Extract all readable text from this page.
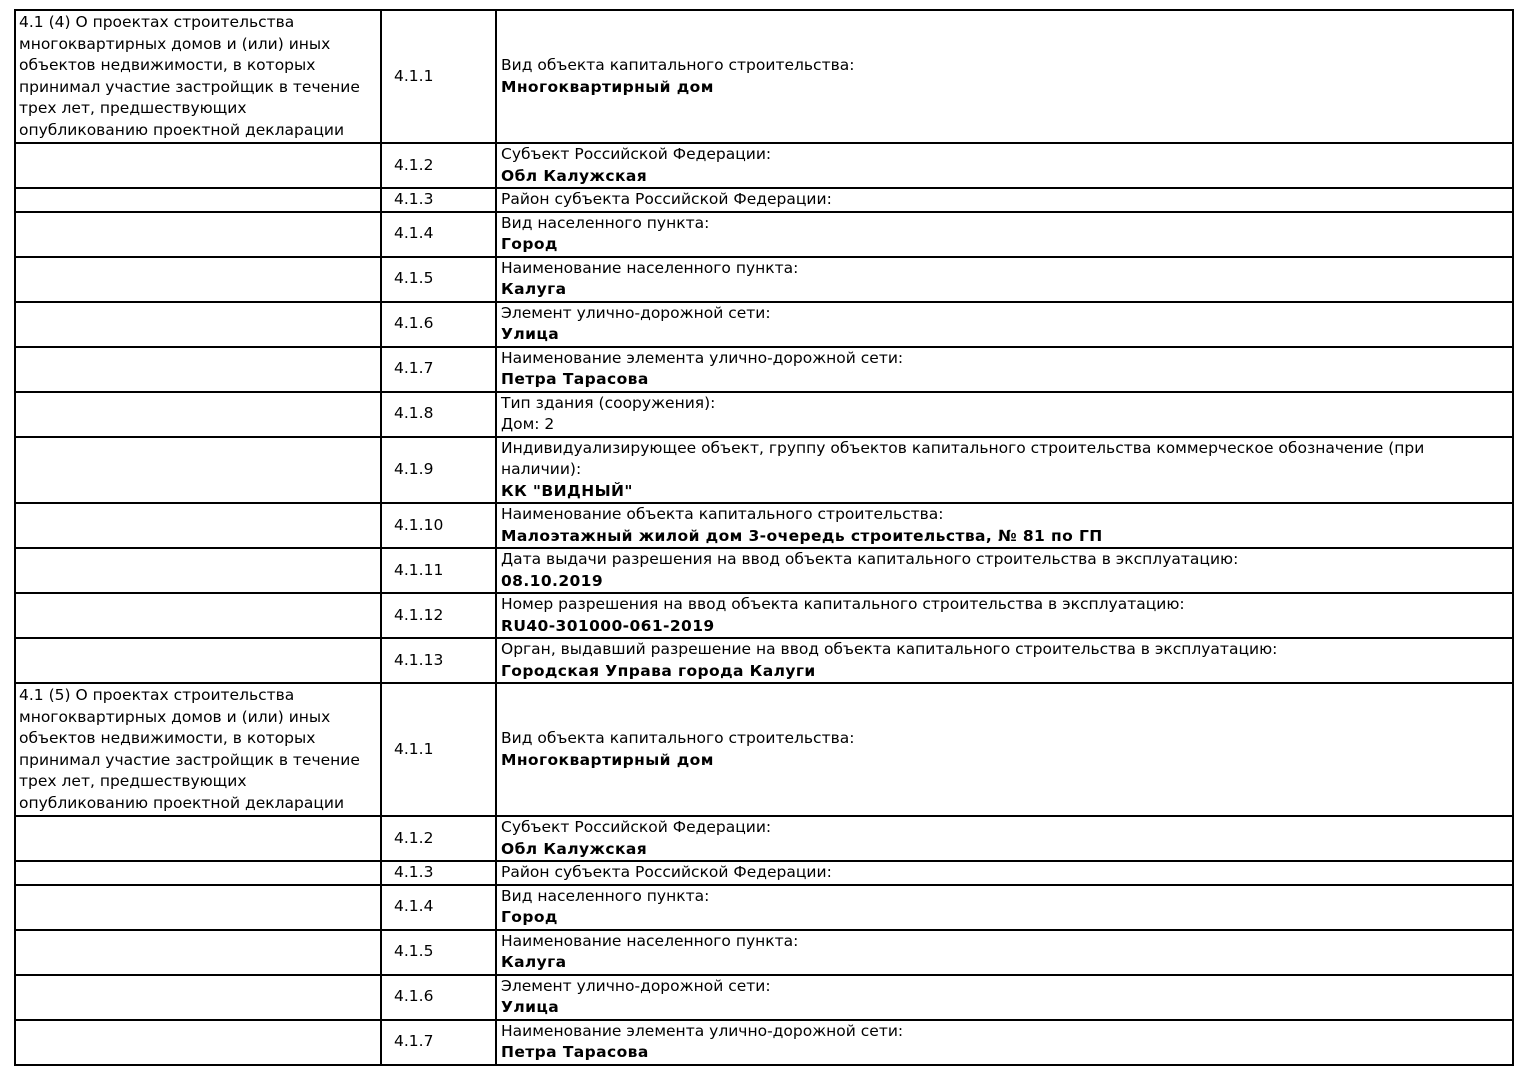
4.1 (4) О проектах строительства многоквартирных домов и (или) иных объектов недвижимости, в которых принимал участие застройщик в течение трех лет, предшествующих опубликованию проектной декларации	4.1.1	Вид объекта капитального строительства:
Многоквартирный дом

	4.1.2	Субъект Российской Федерации:
Обл Калужская

	4.1.3	Район субъекта Российской Федерации:

	4.1.4	Вид населенного пункта:
Город

	4.1.5	Наименование населенного пункта:
Калуга

	4.1.6	Элемент улично-дорожной сети:
Улица

	4.1.7	Наименование элемента улично-дорожной сети:
Петра Тарасова

	4.1.8	Тип здания (сооружения):
Дом: 2

	4.1.9	Индивидуализирующее объект, группу объектов капитального строительства коммерческое обозначение (при наличии):
КК "ВИДНЫЙ"

	4.1.10	Наименование объекта капитального строительства:
Малоэтажный жилой дом 3-очередь строительства, № 81 по ГП

	4.1.11	Дата выдачи разрешения на ввод объекта капитального строительства в эксплуатацию:
08.10.2019

	4.1.12	Номер разрешения на ввод объекта капитального строительства в эксплуатацию:
RU40-301000-061-2019

	4.1.13	Орган, выдавший разрешение на ввод объекта капитального строительства в эксплуатацию:
Городская Управа города Калуги

4.1 (5) О проектах строительства многоквартирных домов и (или) иных объектов недвижимости, в которых принимал участие застройщик в течение трех лет, предшествующих опубликованию проектной декларации	4.1.1	Вид объекта капитального строительства:
Многоквартирный дом

	4.1.2	Субъект Российской Федерации:
Обл Калужская

	4.1.3	Район субъекта Российской Федерации:

	4.1.4	Вид населенного пункта:
Город

	4.1.5	Наименование населенного пункта:
Калуга

	4.1.6	Элемент улично-дорожной сети:
Улица

	4.1.7	Наименование элемента улично-дорожной сети:
Петра Тарасова
